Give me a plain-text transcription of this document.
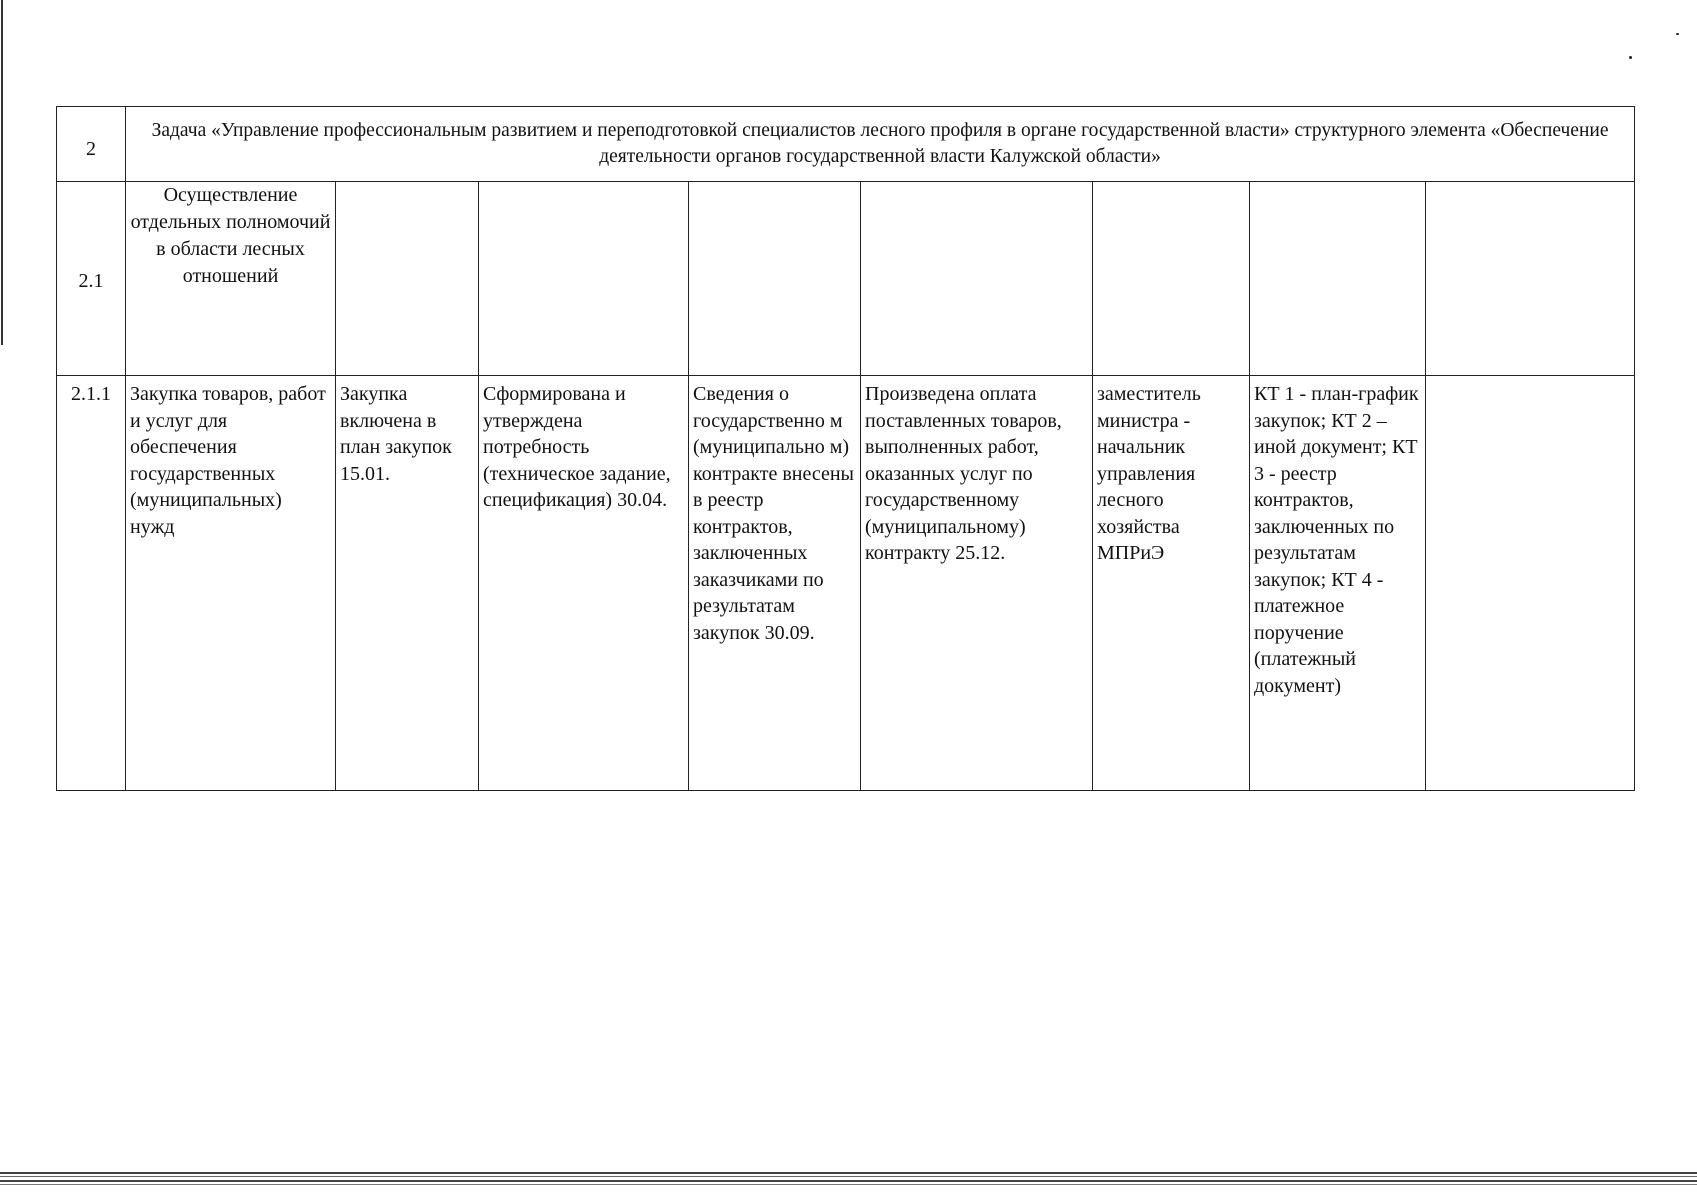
2	Задача «Управление профессиональным развитием и переподготовкой специалистов лесного профиля в органе государственной власти» структурного элемента «Обеспечение деятельности органов государственной власти Калужской области»							
2.1	Осуществление отдельных полномочий в области лесных отношений							
2.1.1	Закупка товаров, работ и услуг для обеспечения государственных (муниципальных) нужд	Закупка включена в план закупок 15.01.	Сформирована и утверждена потребность (техническое задание, спецификация) 30.04.	Сведения о государственно м (муниципально м) контракте внесены в реестр контрактов, заключенных заказчиками по результатам закупок 30.09.	Произведена оплата поставленных товаров, выполненных работ, оказанных услуг по государственному (муниципальному) контракту 25.12.	заместитель министра - начальник управления лесного хозяйства МПРиЭ	КТ 1 - план-график закупок; КТ 2 – иной документ; КТ 3 - реестр контрактов, заключенных по результатам закупок; КТ 4 - платежное поручение (платежный документ)	
